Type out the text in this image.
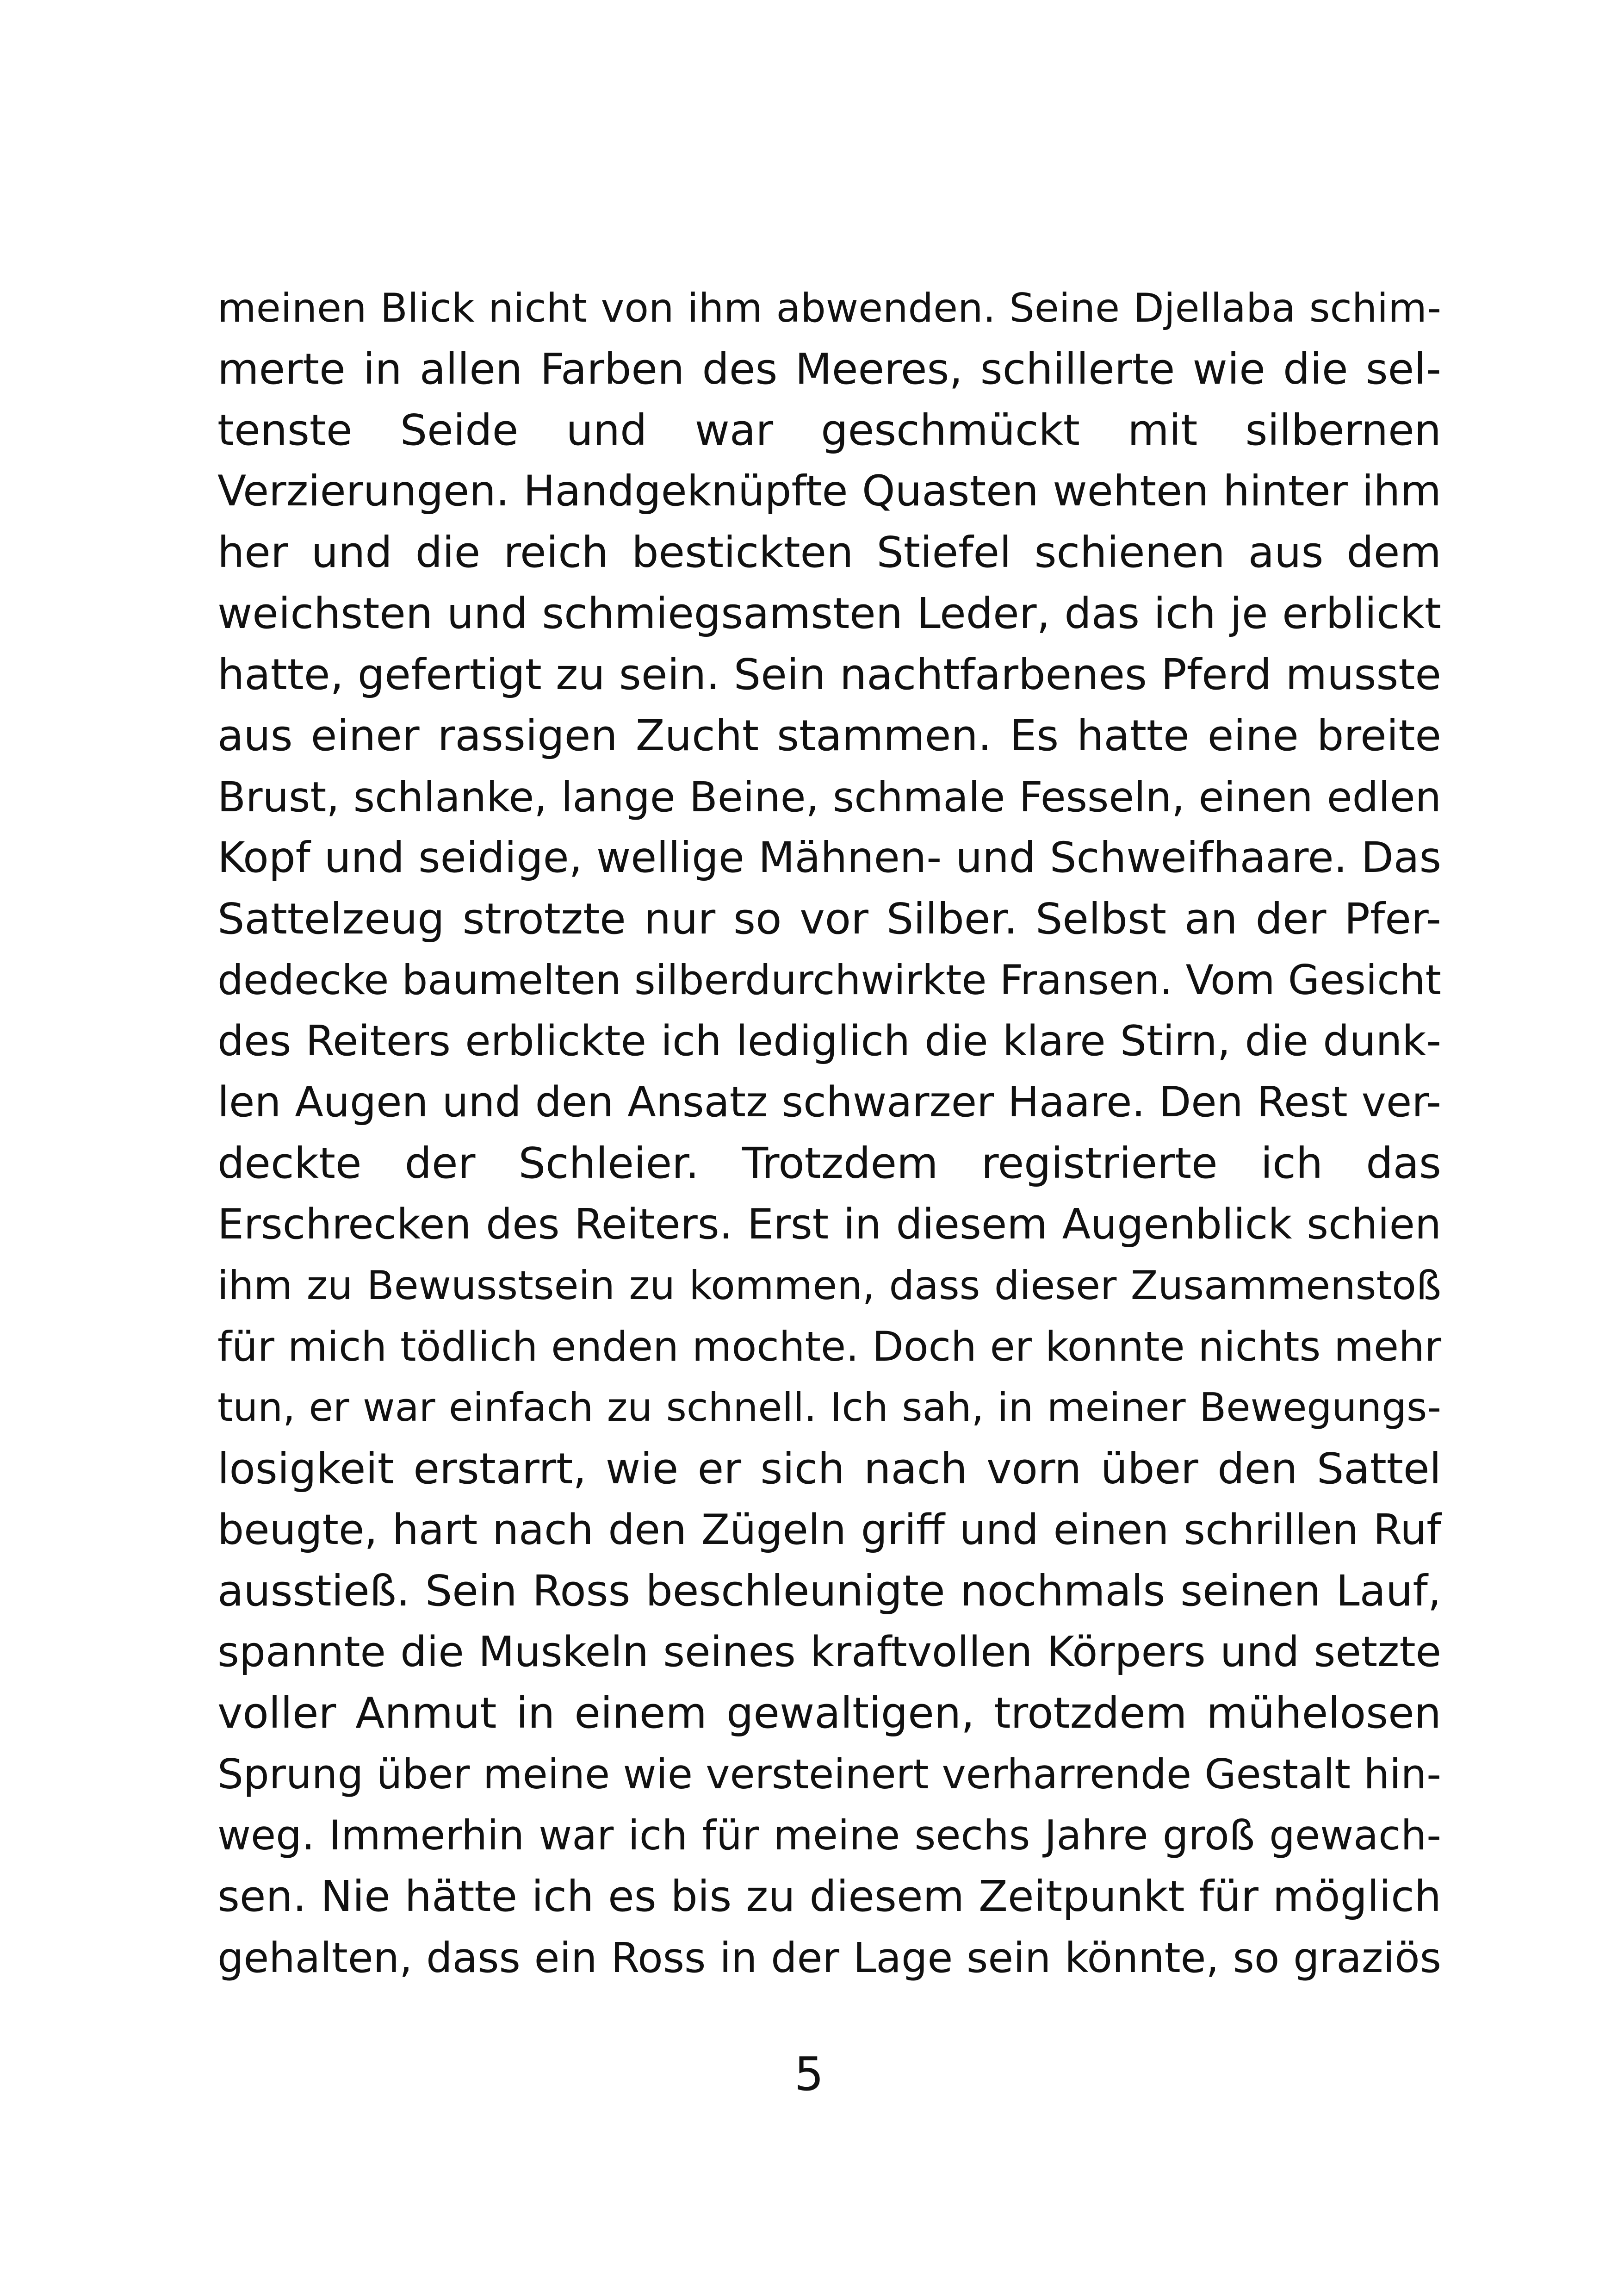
meinen Blick nicht von ihm abwenden. Seine Djellaba schim-
merte in allen Farben des Meeres, schillerte wie die sel-
tenste Seide und war geschmückt mit silbernen
Verzierungen. Handgeknüpfte Quasten wehten hinter ihm
her und die reich bestickten Stiefel schienen aus dem
weichsten und schmiegsamsten Leder, das ich je erblickt
hatte, gefertigt zu sein. Sein nachtfarbenes Pferd musste
aus einer rassigen Zucht stammen. Es hatte eine breite
Brust, schlanke, lange Beine, schmale Fesseln, einen edlen
Kopf und seidige, wellige Mähnen- und Schweifhaare. Das
Sattelzeug strotzte nur so vor Silber. Selbst an der Pfer-
dedecke baumelten silberdurchwirkte Fransen. Vom Gesicht
des Reiters erblickte ich lediglich die klare Stirn, die dunk-
len Augen und den Ansatz schwarzer Haare. Den Rest ver-
deckte der Schleier. Trotzdem registrierte ich das
Erschrecken des Reiters. Erst in diesem Augenblick schien
ihm zu Bewusstsein zu kommen, dass dieser Zusammenstoß
für mich tödlich enden mochte. Doch er konnte nichts mehr
tun, er war einfach zu schnell. Ich sah, in meiner Bewegungs-
losigkeit erstarrt, wie er sich nach vorn über den Sattel
beugte, hart nach den Zügeln griff und einen schrillen Ruf
ausstieß. Sein Ross beschleunigte nochmals seinen Lauf,
spannte die Muskeln seines kraftvollen Körpers und setzte
voller Anmut in einem gewaltigen, trotzdem mühelosen
Sprung über meine wie versteinert verharrende Gestalt hin-
weg. Immerhin war ich für meine sechs Jahre groß gewach-
sen. Nie hätte ich es bis zu diesem Zeitpunkt für möglich
gehalten, dass ein Ross in der Lage sein könnte, so graziös
5
